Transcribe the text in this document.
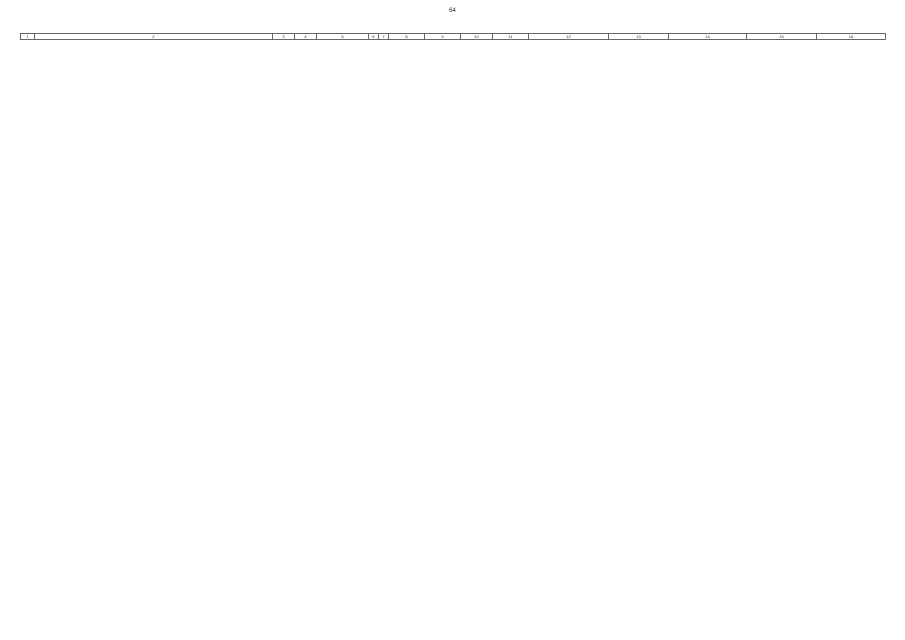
64
1	2	3	4	5	6	7	8	9	10	11	12	13	14	15	16
